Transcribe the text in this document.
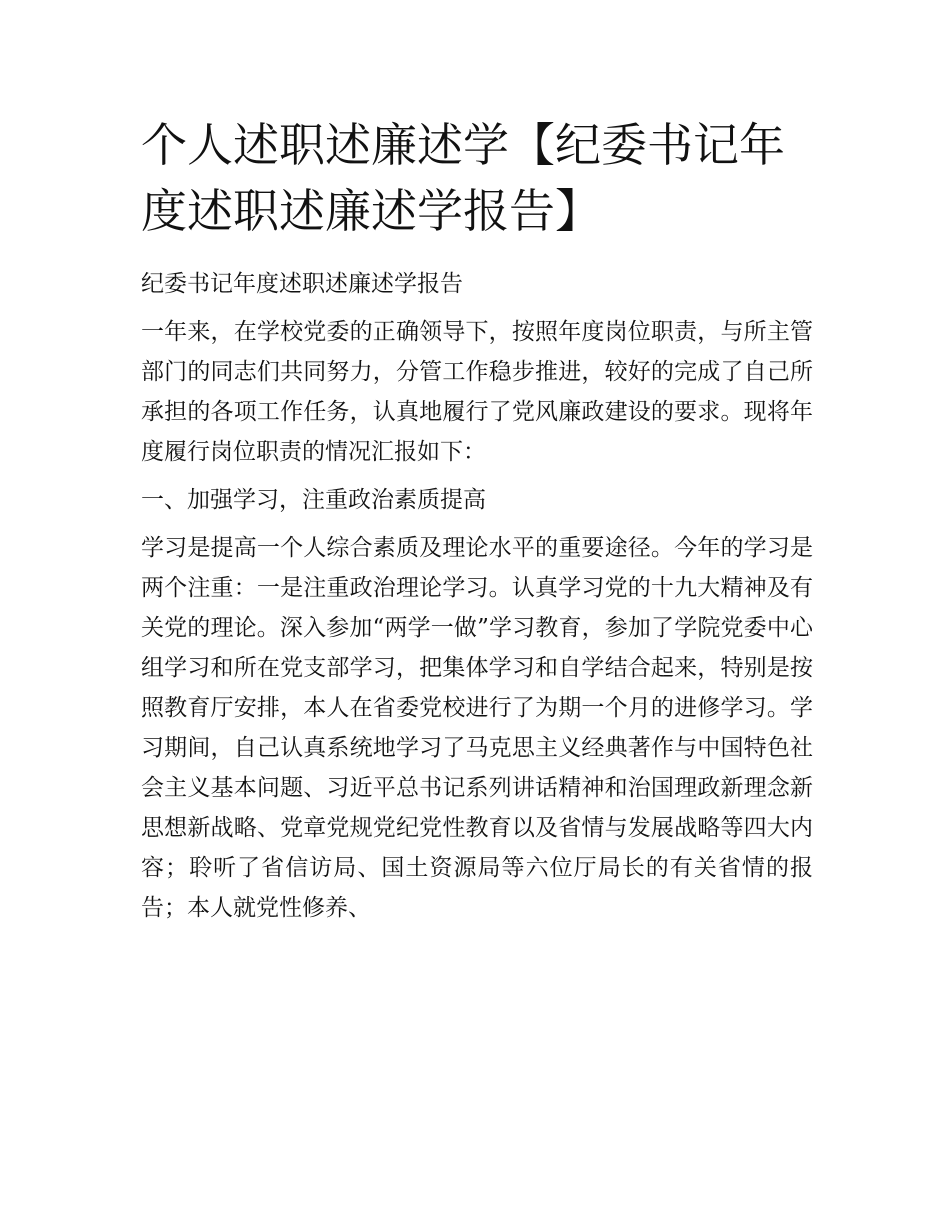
个人述职述廉述学【纪委书记年度述职述廉述学报告】

纪委书记年度述职述廉述学报告

一年来，在学校党委的正确领导下，按照年度岗位职责，与所主管部门的同志们共同努力，分管工作稳步推进，较好的完成了自己所承担的各项工作任务，认真地履行了党风廉政建设的要求。现将年度履行岗位职责的情况汇报如下：

一、加强学习，注重政治素质提高

学习是提高一个人综合素质及理论水平的重要途径。今年的学习是两个注重：一是注重政治理论学习。认真学习党的十九大精神及有关党的理论。深入参加“两学一做”学习教育，参加了学院党委中心组学习和所在党支部学习，把集体学习和自学结合起来，特别是按照教育厅安排，本人在省委党校进行了为期一个月的进修学习。学习期间，自己认真系统地学习了马克思主义经典著作与中国特色社会主义基本问题、习近平总书记系列讲话精神和治国理政新理念新思想新战略、党章党规党纪党性教育以及省情与发展战略等四大内容；聆听了省信访局、国土资源局等六位厅局长的有关省情的报告；本人就党性修养、
